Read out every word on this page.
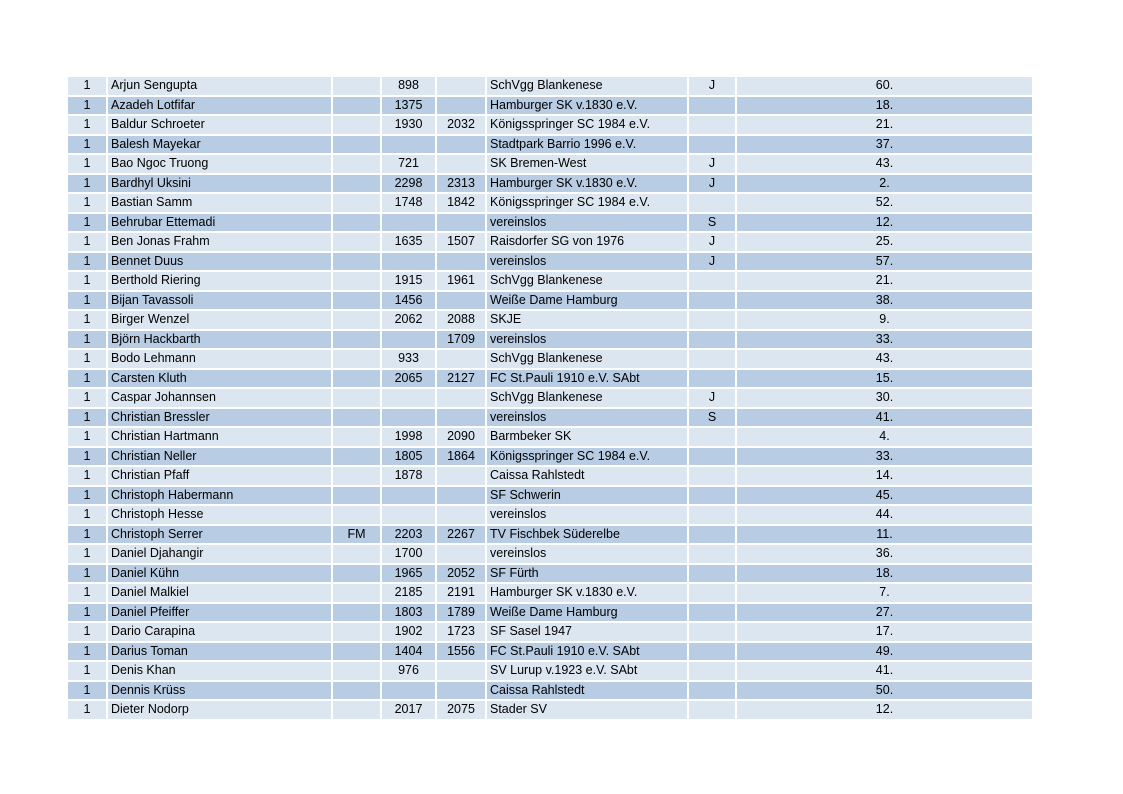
1	Arjun Sengupta		898		SchVgg Blankenese	J	60.
1	Azadeh Lotfifar		1375		Hamburger SK v.1830 e.V.		18.
1	Baldur Schroeter		1930	2032	Königsspringer SC 1984 e.V.		21.
1	Balesh Mayekar				Stadtpark Barrio 1996 e.V.		37.
1	Bao Ngoc Truong		721		SK Bremen-West	J	43.
1	Bardhyl Uksini		2298	2313	Hamburger SK v.1830 e.V.	J	2.
1	Bastian Samm		1748	1842	Königsspringer SC 1984 e.V.		52.
1	Behrubar Ettemadi				vereinslos	S	12.
1	Ben Jonas Frahm		1635	1507	Raisdorfer SG von 1976	J	25.
1	Bennet Duus				vereinslos	J	57.
1	Berthold Riering		1915	1961	SchVgg Blankenese		21.
1	Bijan Tavassoli		1456		Weiße Dame Hamburg		38.
1	Birger Wenzel		2062	2088	SKJE		9.
1	Björn Hackbarth			1709	vereinslos		33.
1	Bodo Lehmann		933		SchVgg Blankenese		43.
1	Carsten Kluth		2065	2127	FC St.Pauli 1910 e.V. SAbt		15.
1	Caspar Johannsen				SchVgg Blankenese	J	30.
1	Christian Bressler				vereinslos	S	41.
1	Christian Hartmann		1998	2090	Barmbeker SK		4.
1	Christian Neller		1805	1864	Königsspringer SC 1984 e.V.		33.
1	Christian Pfaff		1878		Caissa Rahlstedt		14.
1	Christoph Habermann				SF Schwerin		45.
1	Christoph Hesse				vereinslos		44.
1	Christoph Serrer	FM	2203	2267	TV Fischbek Süderelbe		11.
1	Daniel Djahangir		1700		vereinslos		36.
1	Daniel Kühn		1965	2052	SF Fürth		18.
1	Daniel Malkiel		2185	2191	Hamburger SK v.1830 e.V.		7.
1	Daniel Pfeiffer		1803	1789	Weiße Dame Hamburg		27.
1	Dario Carapina		1902	1723	SF Sasel 1947		17.
1	Darius Toman		1404	1556	FC St.Pauli 1910 e.V. SAbt		49.
1	Denis Khan		976		SV Lurup v.1923 e.V. SAbt		41.
1	Dennis Krüss				Caissa Rahlstedt		50.
1	Dieter Nodorp		2017	2075	Stader SV		12.
